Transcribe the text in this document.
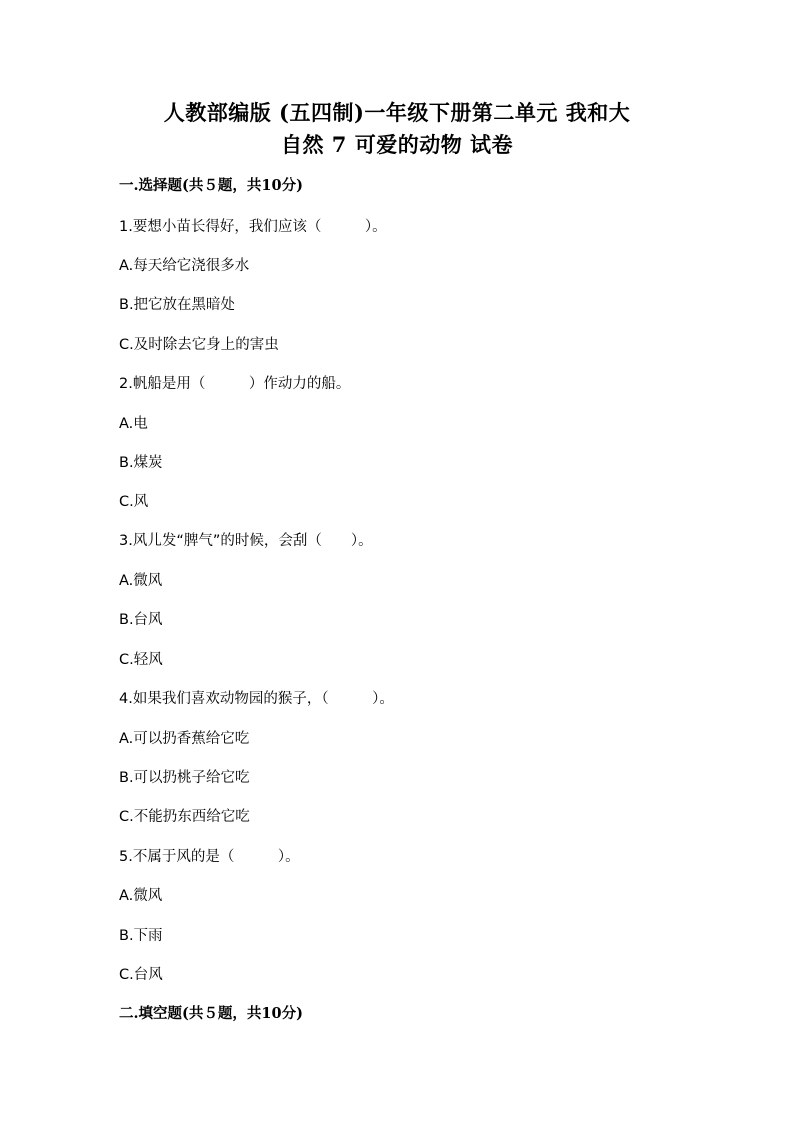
人教部编版 (五四制)一年级下册第二单元 我和大
自然 7 可爱的动物 试卷
一.选择题(共５题，共10分)
1.要想小苗长得好，我们应该（　　　）。
A.每天给它浇很多水
B.把它放在黑暗处
C.及时除去它身上的害虫
2.帆船是用（　　　）作动力的船。
A.电
B.煤炭
C.风
3.风儿发“脾气”的时候，会刮（　　）。
A.微风
B.台风
C.轻风
4.如果我们喜欢动物园的猴子，（　　　）。
A.可以扔香蕉给它吃
B.可以扔桃子给它吃
C.不能扔东西给它吃
5.不属于风的是（　　　）。
A.微风
B.下雨
C.台风
二.填空题(共５题，共10分)
